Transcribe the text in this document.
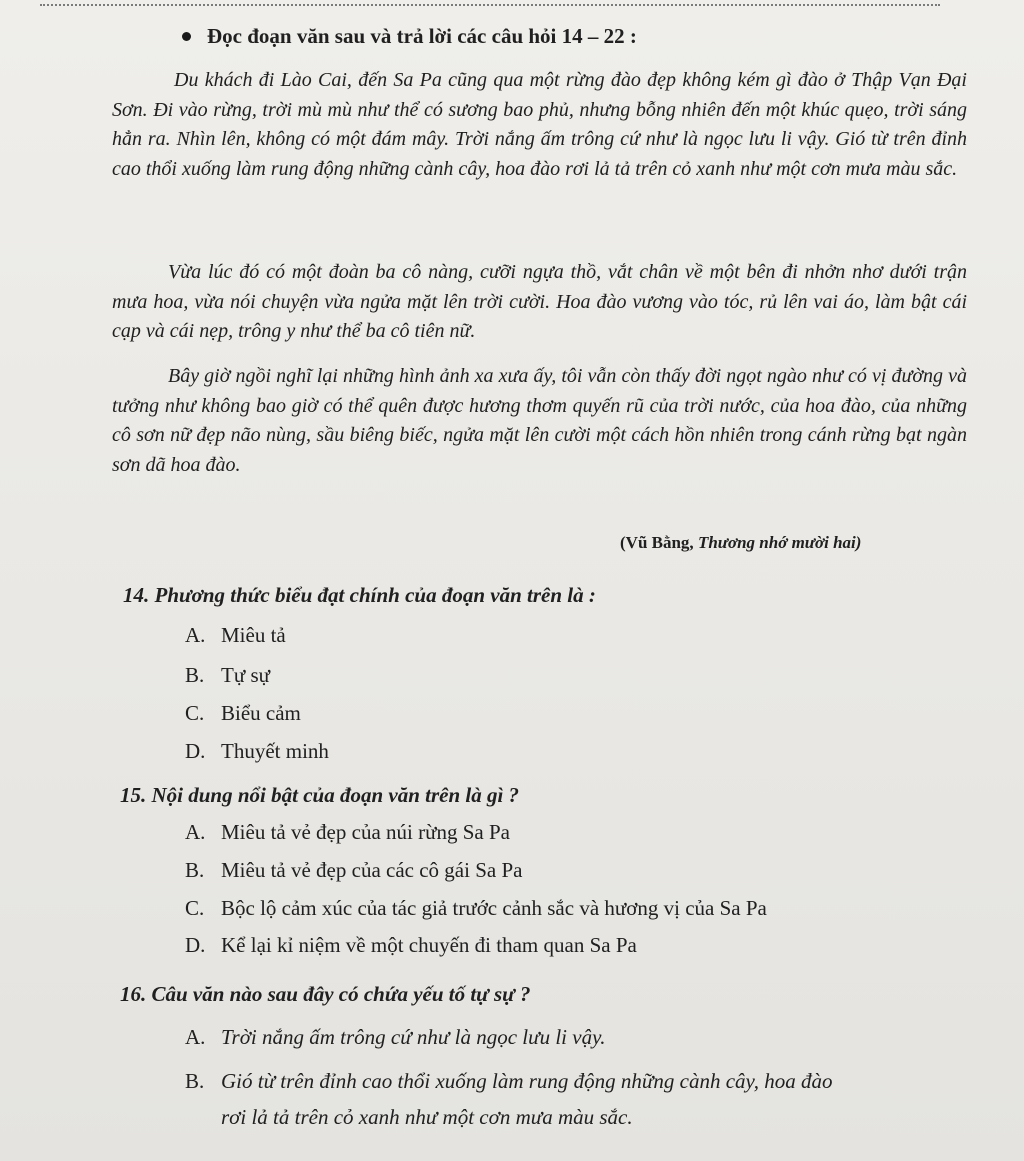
Đọc đoạn văn sau và trả lời các câu hỏi 14 – 22 :

Du khách đi Lào Cai, đến Sa Pa cũng qua một rừng đào đẹp không kém gì đào ở Thập Vạn Đại Sơn. Đi vào rừng, trời mù mù như thể có sương bao phủ, nhưng bỗng nhiên đến một khúc quẹo, trời sáng hẳn ra. Nhìn lên, không có một đám mây. Trời nắng ấm trông cứ như là ngọc lưu li vậy. Gió từ trên đỉnh cao thổi xuống làm rung động những cành cây, hoa đào rơi lả tả trên cỏ xanh như một cơn mưa màu sắc.

Vừa lúc đó có một đoàn ba cô nàng, cưỡi ngựa thồ, vắt chân về một bên đi nhởn nhơ dưới trận mưa hoa, vừa nói chuyện vừa ngửa mặt lên trời cười. Hoa đào vương vào tóc, rủ lên vai áo, làm bật cái cạp và cái nẹp, trông y như thể ba cô tiên nữ.

Bây giờ ngồi nghĩ lại những hình ảnh xa xưa ấy, tôi vẫn còn thấy đời ngọt ngào như có vị đường và tưởng như không bao giờ có thể quên được hương thơm quyến rũ của trời nước, của hoa đào, của những cô sơn nữ đẹp não nùng, sầu biêng biếc, ngửa mặt lên cười một cách hồn nhiên trong cánh rừng bạt ngàn sơn dã hoa đào.

(Vũ Bằng, Thương nhớ mười hai)
14. Phương thức biểu đạt chính của đoạn văn trên là :
A. Miêu tả
B. Tự sự
C. Biểu cảm
D. Thuyết minh
15. Nội dung nổi bật của đoạn văn trên là gì ?
A. Miêu tả vẻ đẹp của núi rừng Sa Pa
B. Miêu tả vẻ đẹp của các cô gái Sa Pa
C. Bộc lộ cảm xúc của tác giả trước cảnh sắc và hương vị của Sa Pa
D. Kể lại kỉ niệm về một chuyến đi tham quan Sa Pa
16. Câu văn nào sau đây có chứa yếu tố tự sự ?
A. Trời nắng ấm trông cứ như là ngọc lưu li vậy.
B. Gió từ trên đỉnh cao thổi xuống làm rung động những cành cây, hoa đào
rơi lả tả trên cỏ xanh như một cơn mưa màu sắc.
